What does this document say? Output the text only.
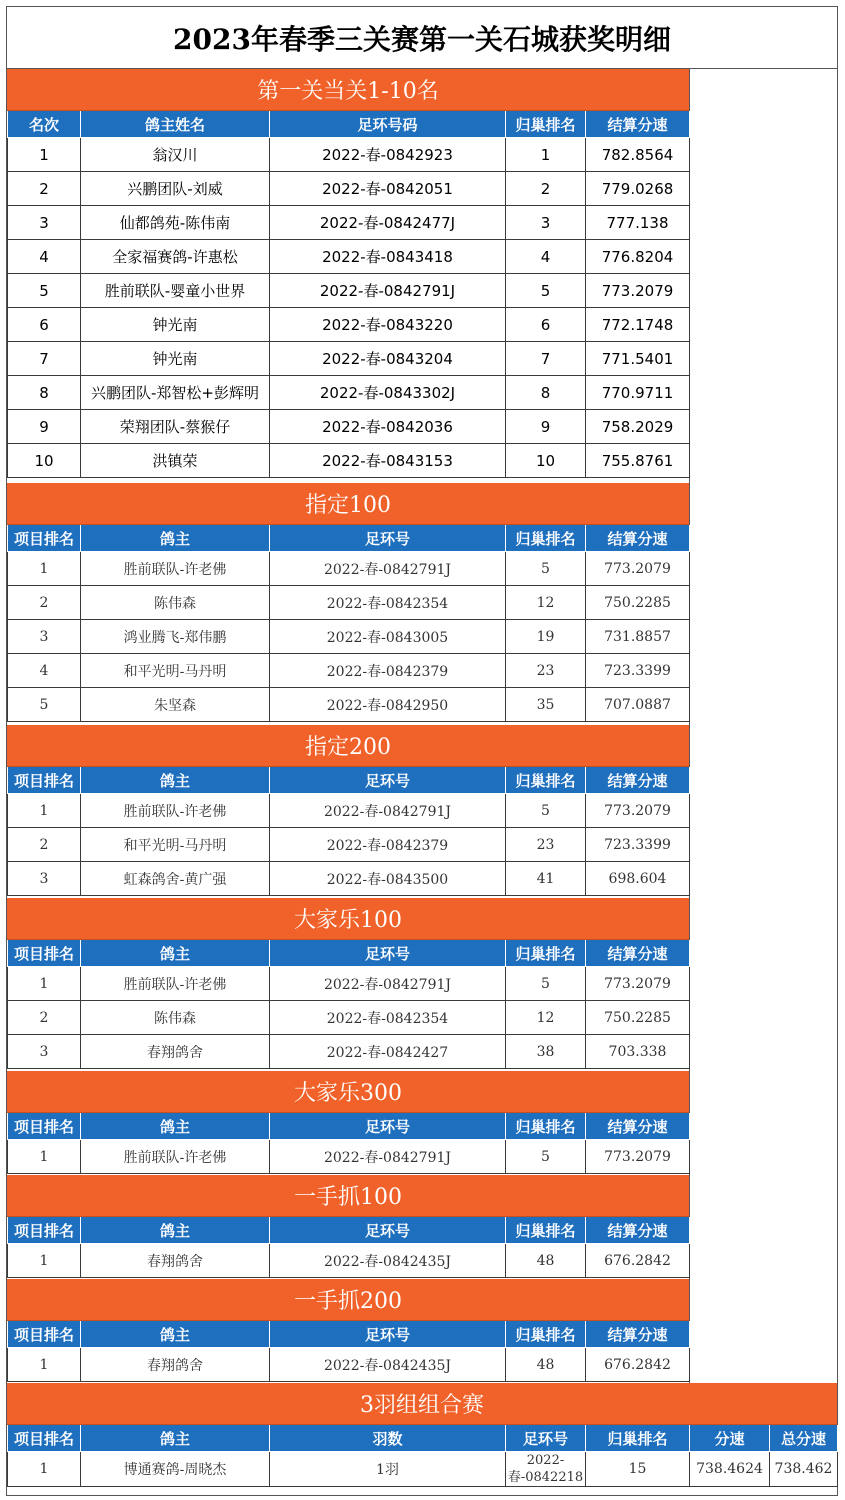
2023年春季三关赛第一关石城获奖明细
第一关当关1-10名
名次	鸽主姓名	足环号码	归巢排名	结算分速
1	翁汉川	2022-春-0842923	1	782.8564
2	兴鹏团队-刘威	2022-春-0842051	2	779.0268
3	仙都鸽苑-陈伟南	2022-春-0842477J	3	777.138
4	全家福赛鸽-许惠松	2022-春-0843418	4	776.8204
5	胜前联队-婴童小世界	2022-春-0842791J	5	773.2079
6	钟光南	2022-春-0843220	6	772.1748
7	钟光南	2022-春-0843204	7	771.5401
8	兴鹏团队-郑智松+彭辉明	2022-春-0843302J	8	770.9711
9	荣翔团队-蔡猴仔	2022-春-0842036	9	758.2029
10	洪镇荣	2022-春-0843153	10	755.8761
指定100
项目排名	鸽主	足环号	归巢排名	结算分速
1	胜前联队-许老佛	2022-春-0842791J	5	773.2079
2	陈伟森	2022-春-0842354	12	750.2285
3	鸿业腾飞-郑伟鹏	2022-春-0843005	19	731.8857
4	和平光明-马丹明	2022-春-0842379	23	723.3399
5	朱坚森	2022-春-0842950	35	707.0887
指定200
项目排名	鸽主	足环号	归巢排名	结算分速
1	胜前联队-许老佛	2022-春-0842791J	5	773.2079
2	和平光明-马丹明	2022-春-0842379	23	723.3399
3	虹森鸽舍-黄广强	2022-春-0843500	41	698.604
大家乐100
项目排名	鸽主	足环号	归巢排名	结算分速
1	胜前联队-许老佛	2022-春-0842791J	5	773.2079
2	陈伟森	2022-春-0842354	12	750.2285
3	春翔鸽舍	2022-春-0842427	38	703.338
大家乐300
项目排名	鸽主	足环号	归巢排名	结算分速
1	胜前联队-许老佛	2022-春-0842791J	5	773.2079
一手抓100
项目排名	鸽主	足环号	归巢排名	结算分速
1	春翔鸽舍	2022-春-0842435J	48	676.2842
一手抓200
项目排名	鸽主	足环号	归巢排名	结算分速
1	春翔鸽舍	2022-春-0842435J	48	676.2842
3羽组组合赛
项目排名	鸽主	羽数	足环号	归巢排名	分速	总分速
1	博通赛鸽-周晓杰	1羽	2022-春-0842218	15	738.4624	738.462
